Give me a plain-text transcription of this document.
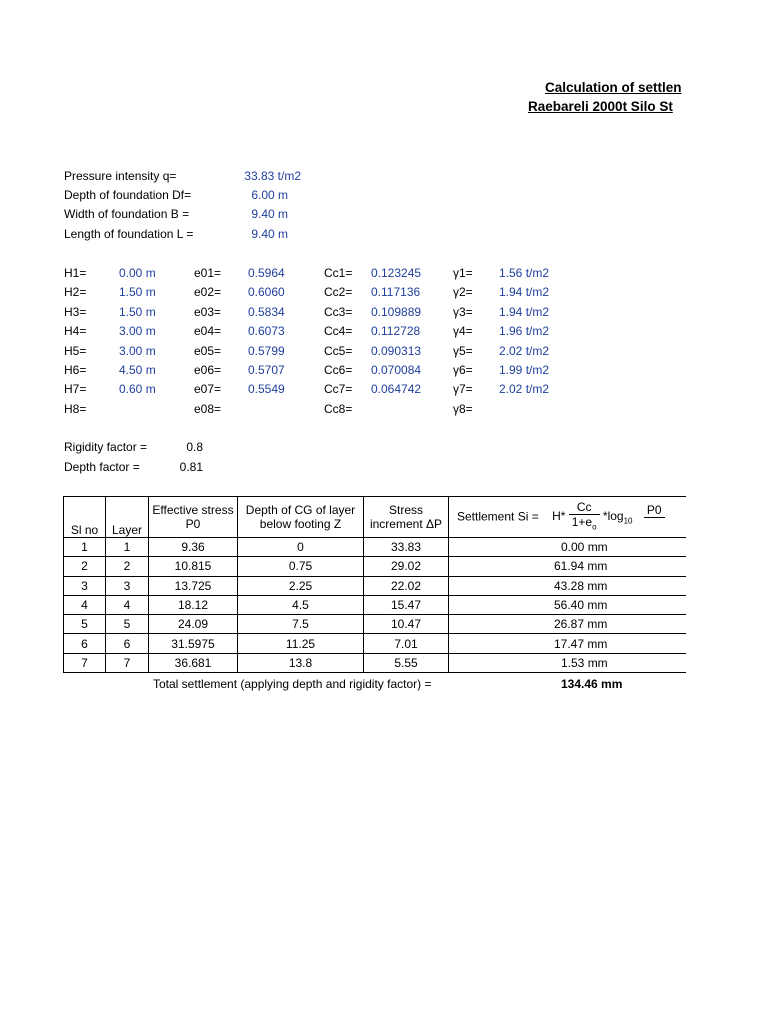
Calculation of settlen
Raebareli 2000t Silo St
Pressure intensity q=	33.83 t/m2
Depth of foundation Df=	6.00 m
Width of foundation B =	9.40 m
Length of foundation L =	9.40 m
H1=	0.00 m	e01= 0.5964	Cc1= 0.123245	γ1= 1.56 t/m2
H2=	1.50 m	e02= 0.6060	Cc2= 0.117136	γ2= 1.94 t/m2
H3=	1.50 m	e03= 0.5834	Cc3= 0.109889	γ3= 1.94 t/m2
H4=	3.00 m	e04= 0.6073	Cc4= 0.112728	γ4= 1.96 t/m2
H5=	3.00 m	e05= 0.5799	Cc5= 0.090313	γ5= 2.02 t/m2
H6=	4.50 m	e06= 0.5707	Cc6= 0.070084	γ6= 1.99 t/m2
H7=	0.60 m	e07= 0.5549	Cc7= 0.064742	γ7= 2.02 t/m2
H8=	e08=	Cc8=	γ8=
Rigidity factor =	0.8
Depth factor =	0.81
Sl no	Layer	Effective stress P0	Depth of CG of layer below footing Z	Stress increment ΔP	Settlement $Si = H* \frac{Cc}{1+e_o} *\log_{10}$
P0

1	1	9.36	0	33.83	0.00 mm
2	2	10.815	0.75	29.02	61.94 mm
3	3	13.725	2.25	22.02	43.28 mm
4	4	18.12	4.5	15.47	56.40 mm
5	5	24.09	7.5	10.47	26.87 mm
6	6	31.5975	11.25	7.01	17.47 mm
7	7	36.681	13.8	5.55	1.53 mm
Total settlement (applying depth and rigidity factor) =	134.46 mm
